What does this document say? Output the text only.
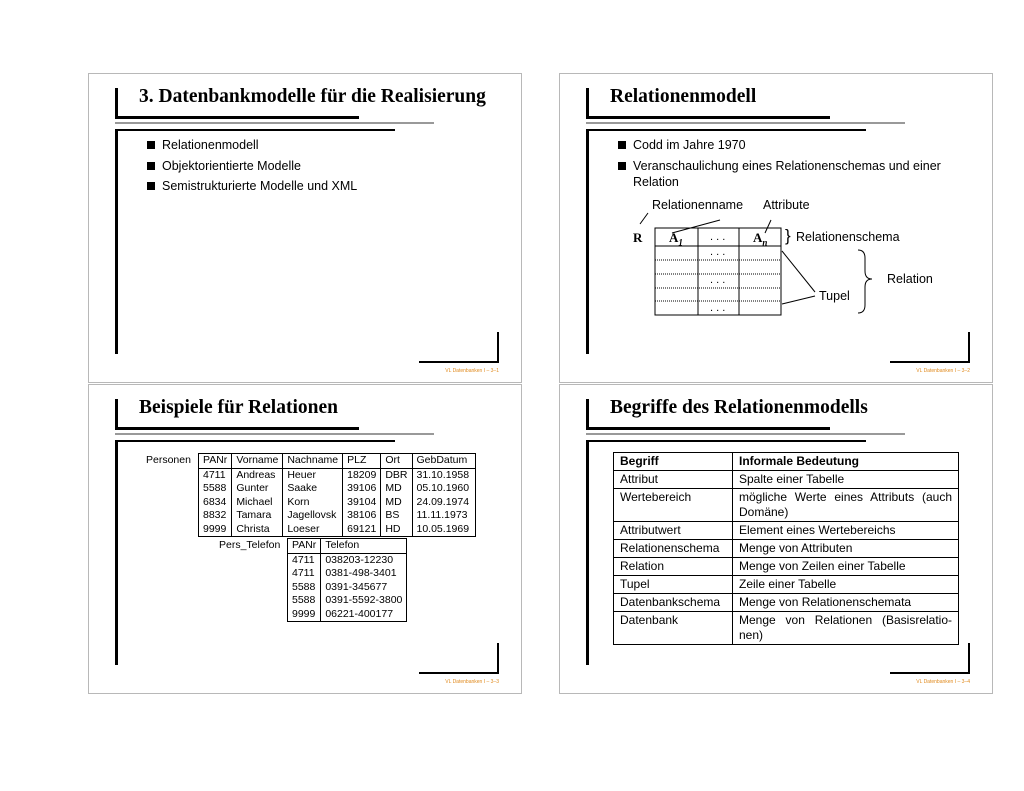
3. Datenbankmodelle für die Realisierung
Relationenmodell
Objektorientierte Modelle
Semistrukturierte Modelle und XML
VL Datenbanken I – 3–1
Relationenmodell
Codd im Jahre 1970
Veranschaulichung eines Relationenschemas und einer Relation
Relationenname Attribute
R $A_1$ . . . $A_n$ } Relationenschema
. . .
. . .
. . .
Relation
Tupel
VL Datenbanken I – 3–2
Beispiele für Relationen
Personen PANr	Vorname	Nachname	PLZ	Ort	GebDatum
4711	Andreas	Heuer	18209	DBR	31.10.1958
5588	Gunter	Saake	39106	MD	05.10.1960
6834	Michael	Korn	39104	MD	24.09.1974
8832	Tamara	Jagellovsk	38106	BS	11.11.1973
9999	Christa	Loeser	69121	HD	10.05.1969
Pers_Telefon PANr	Telefon
4711	038203-12230
4711	0381-498-3401
5588	0391-345677
5588	0391-5592-3800
9999	06221-400177
VL Datenbanken I – 3–3
Begriffe des Relationenmodells
Begriff	Informale Bedeutung
Attribut	Spalte einer Tabelle
Wertebereich	mögliche Werte eines Attributs (auch Domäne)
Attributwert	Element eines Wertebereichs
Relationenschema	Menge von Attributen
Relation	Menge von Zeilen einer Tabelle
Tupel	Zeile einer Tabelle
Datenbankschema	Menge von Relationenschemata
Datenbank	Menge von Relationen (Basisrelatio- nen)
VL Datenbanken I – 3–4
